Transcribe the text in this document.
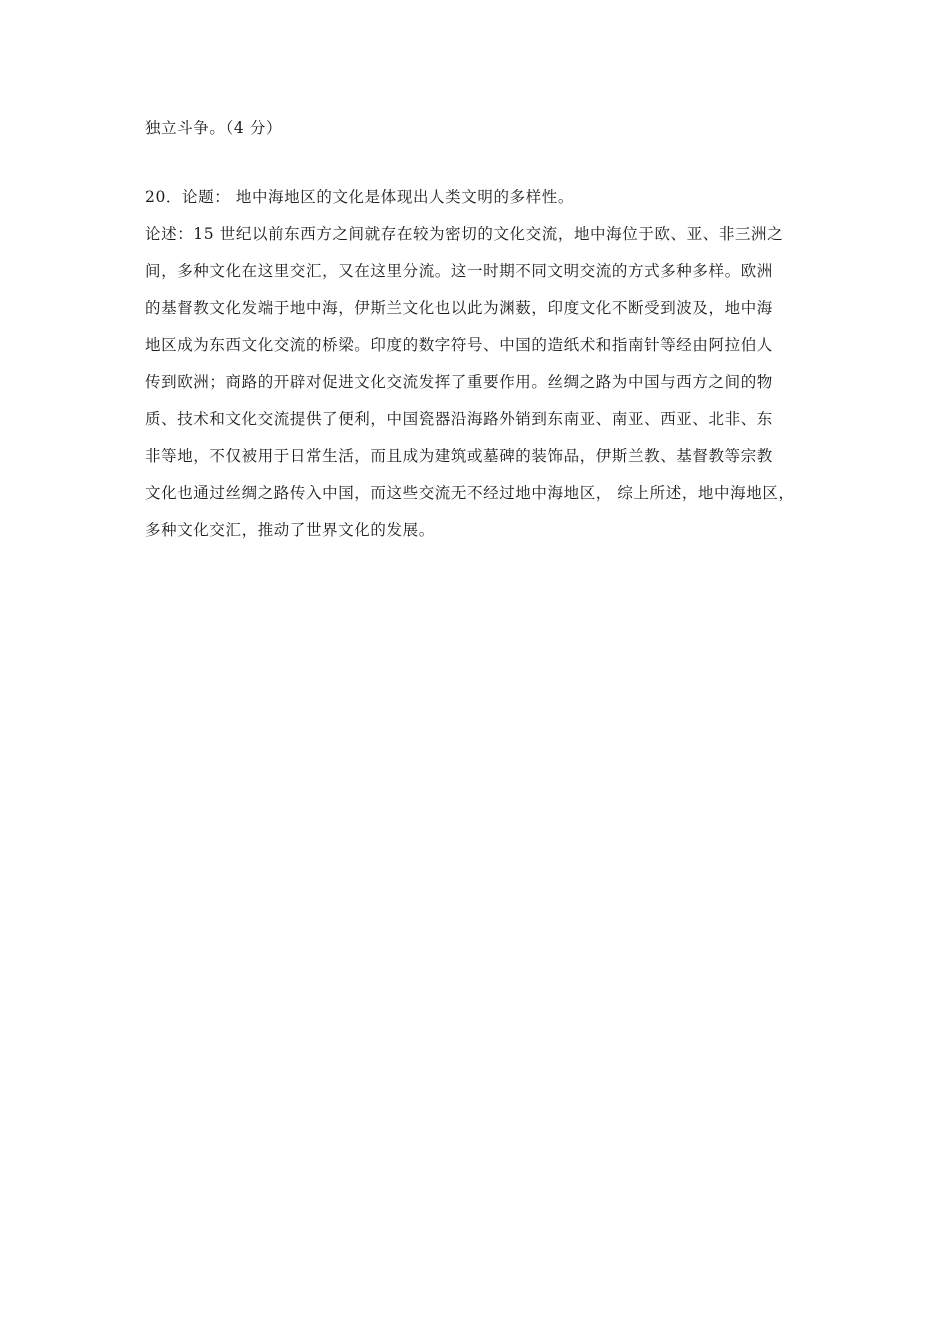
独立斗争。（4 分）
20．论题： 地中海地区的文化是体现出人类文明的多样性。
论述：15 世纪以前东西方之间就存在较为密切的文化交流，地中海位于欧、亚、非三洲之
间，多种文化在这里交汇，又在这里分流。这一时期不同文明交流的方式多种多样。欧洲
的基督教文化发端于地中海，伊斯兰文化也以此为渊薮，印度文化不断受到波及，地中海
地区成为东西文化交流的桥梁。印度的数字符号、中国的造纸术和指南针等经由阿拉伯人
传到欧洲；商路的开辟对促进文化交流发挥了重要作用。丝绸之路为中国与西方之间的物
质、技术和文化交流提供了便利，中国瓷器沿海路外销到东南亚、南亚、西亚、北非、东
非等地，不仅被用于日常生活，而且成为建筑或墓碑的装饰品，伊斯兰教、基督教等宗教
文化也通过丝绸之路传入中国，而这些交流无不经过地中海地区， 综上所述，地中海地区，
多种文化交汇，推动了世界文化的发展。
